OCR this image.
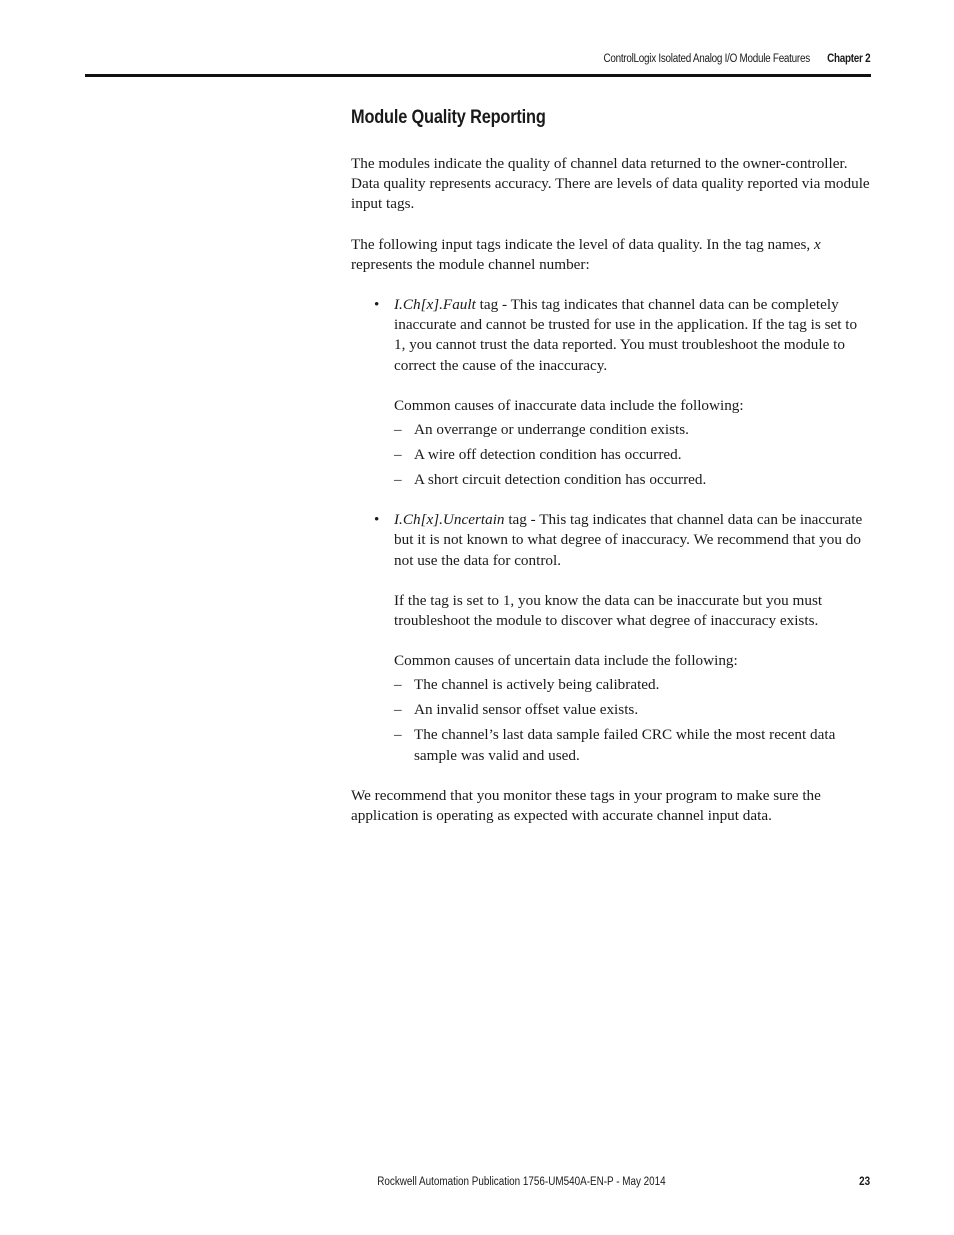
ControlLogix Isolated Analog I/O Module Features Chapter 2
Module Quality Reporting

The modules indicate the quality of channel data returned to the owner-controller. Data quality represents accuracy. There are levels of data quality reported via module input tags.

The following input tags indicate the level of data quality. In the tag names, x represents the module channel number:

• I.Ch[x].Fault tag - This tag indicates that channel data can be completely inaccurate and cannot be trusted for use in the application. If the tag is set to 1, you cannot trust the data reported. You must troubleshoot the module to correct the cause of the inaccuracy.

Common causes of inaccurate data include the following:

– An overrange or underrange condition exists.
– A wire off detection condition has occurred.
– A short circuit detection condition has occurred.
• I.Ch[x].Uncertain tag - This tag indicates that channel data can be inaccurate but it is not known to what degree of inaccuracy. We recommend that you do not use the data for control.

If the tag is set to 1, you know the data can be inaccurate but you must troubleshoot the module to discover what degree of inaccuracy exists.

Common causes of uncertain data include the following:

– The channel is actively being calibrated.
– An invalid sensor offset value exists.
– The channel’s last data sample failed CRC while the most recent data sample was valid and used.

We recommend that you monitor these tags in your program to make sure the application is operating as expected with accurate channel input data.

Rockwell Automation Publication 1756-UM540A-EN-P - May 2014	23
